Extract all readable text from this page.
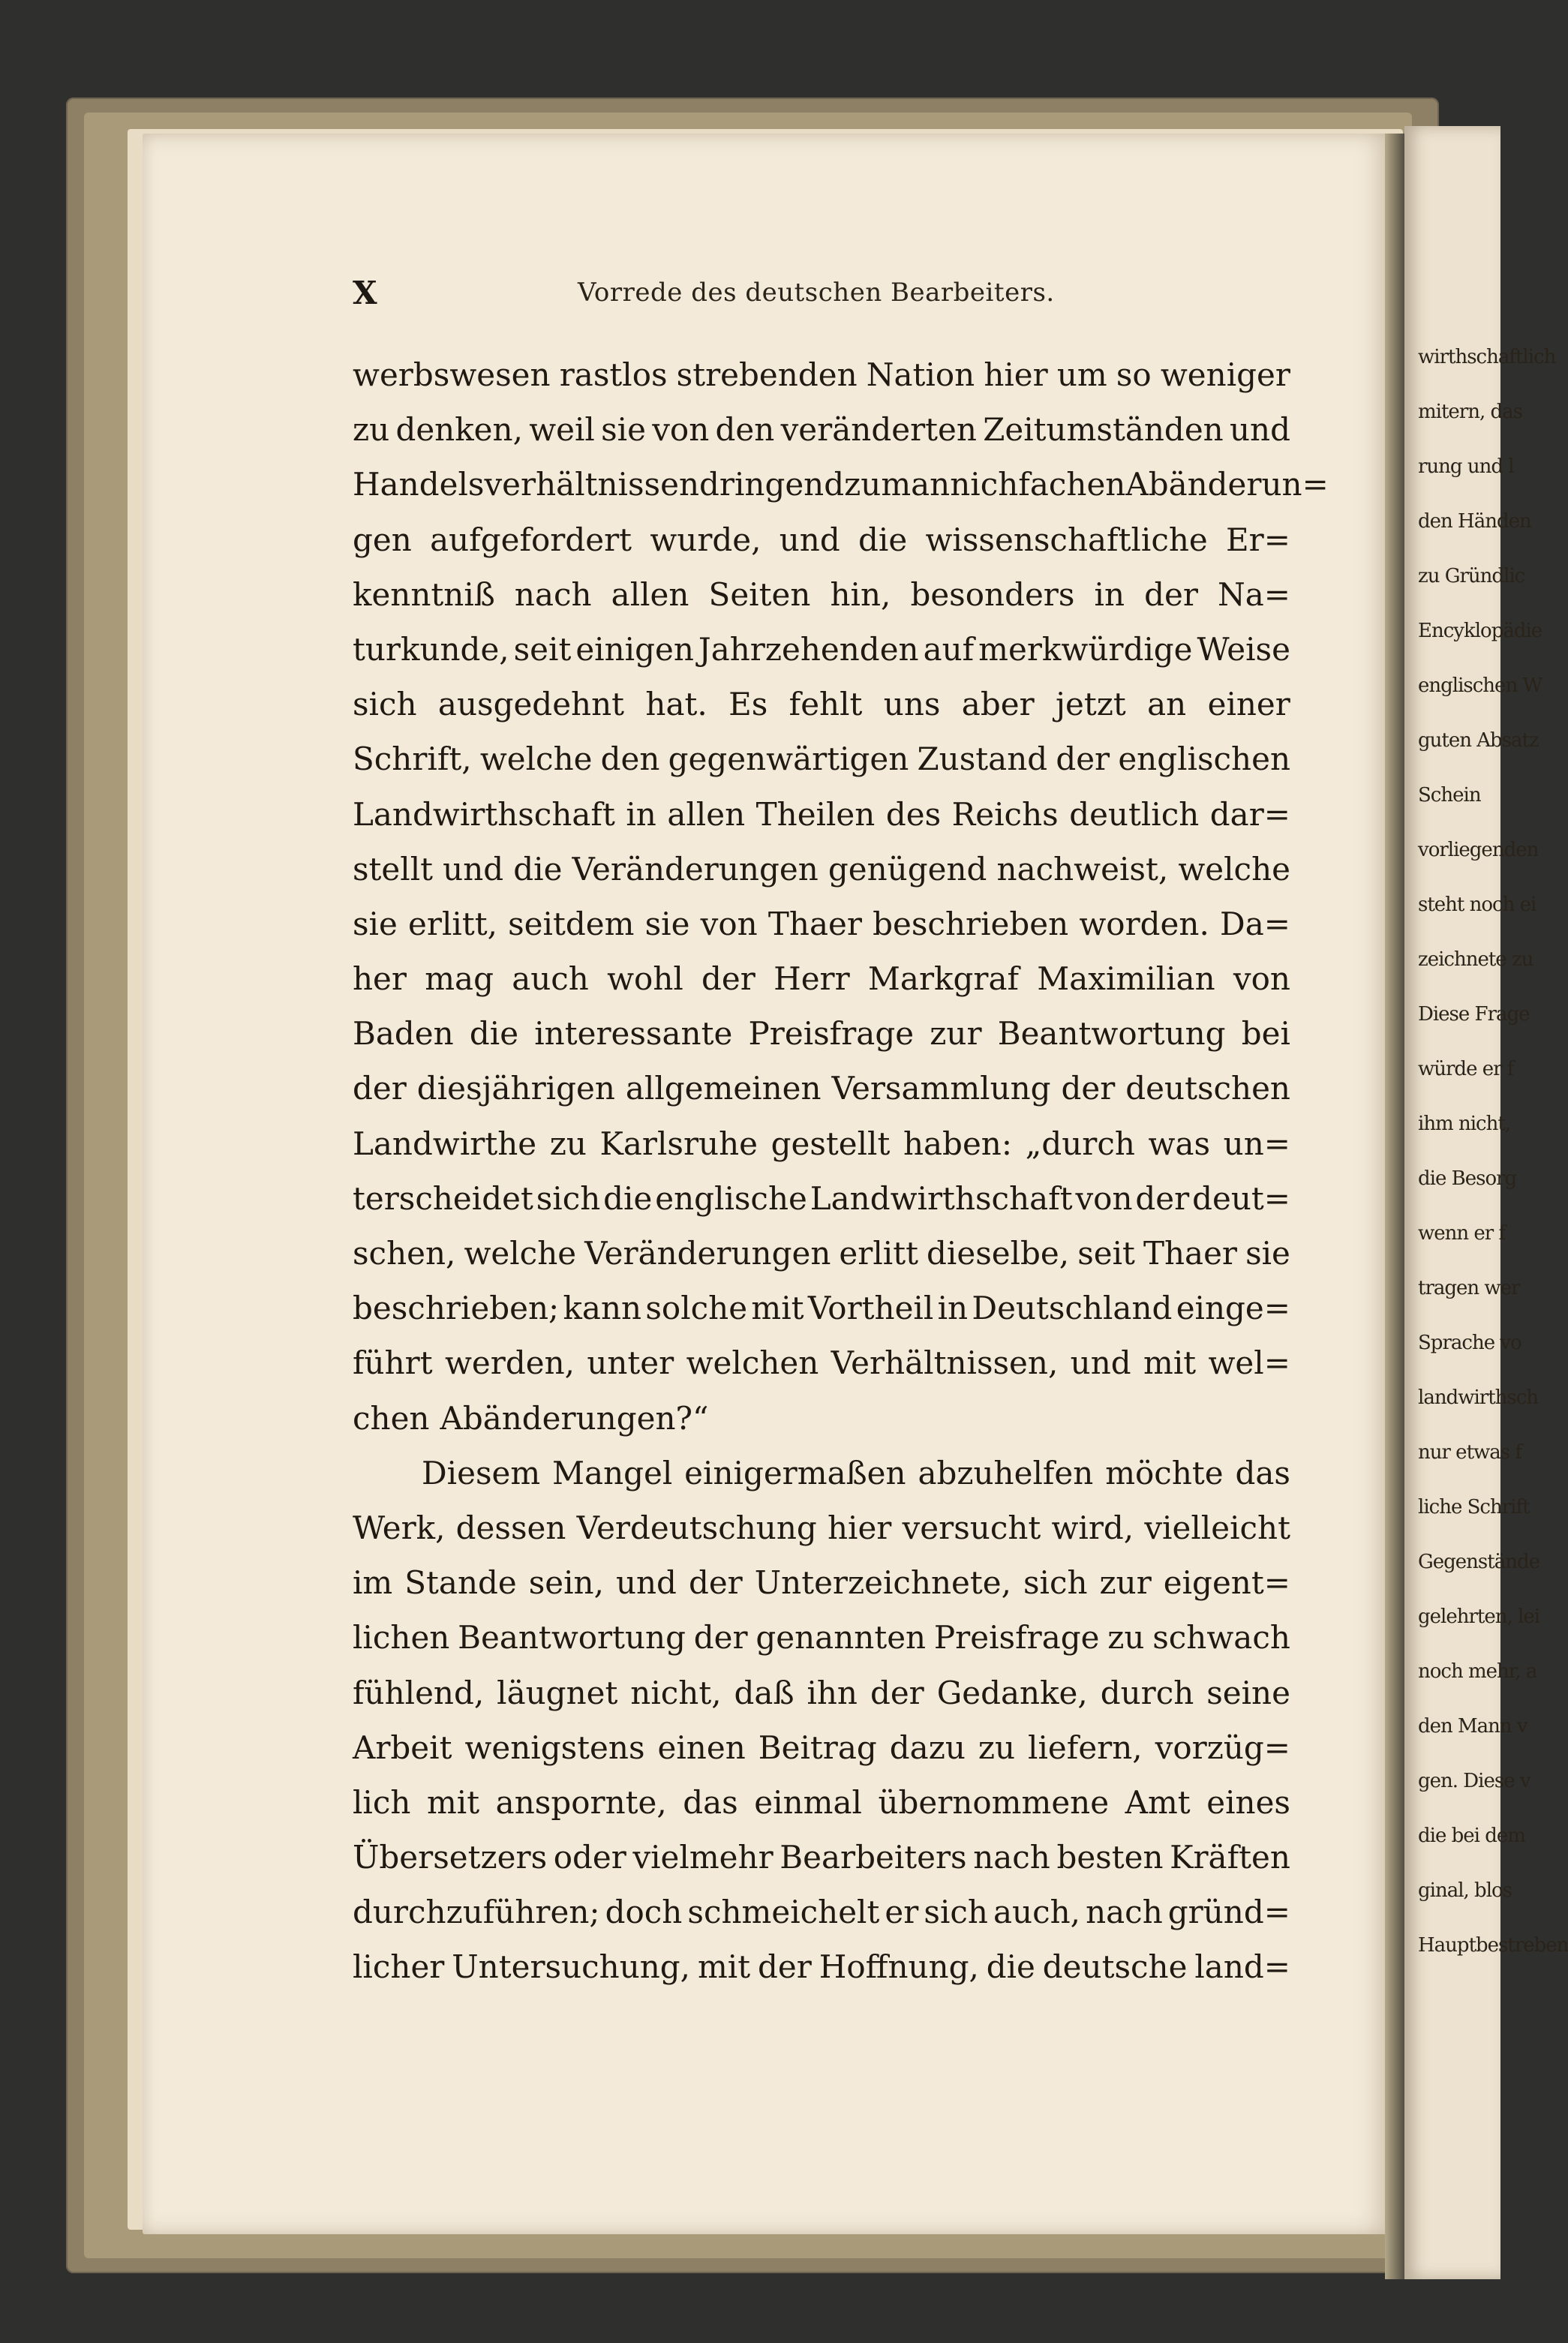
X	Vorrede des deutschen Bearbeiters.
werbswesen rastlos strebenden Nation hier um so weniger
zu denken, weil sie von den veränderten Zeitumständen und
Handelsverhältnissen dringend zu mannichfachen Abänderun=
gen aufgefordert wurde, und die wissenschaftliche Er=
kenntniß nach allen Seiten hin, besonders in der Na=
turkunde, seit einigen Jahrzehenden auf merkwürdige Weise
sich ausgedehnt hat. Es fehlt uns aber jetzt an einer
Schrift, welche den gegenwärtigen Zustand der englischen
Landwirthschaft in allen Theilen des Reichs deutlich dar=
stellt und die Veränderungen genügend nachweist, welche
sie erlitt, seitdem sie von Thaer beschrieben worden. Da=
her mag auch wohl der Herr Markgraf Maximilian von
Baden die interessante Preisfrage zur Beantwortung bei
der diesjährigen allgemeinen Versammlung der deutschen
Landwirthe zu Karlsruhe gestellt haben: „durch was un=
terscheidet sich die englische Landwirthschaft von der deut=
schen, welche Veränderungen erlitt dieselbe, seit Thaer sie
beschrieben; kann solche mit Vortheil in Deutschland einge=
führt werden, unter welchen Verhältnissen, und mit wel=
chen Abänderungen?“
Diesem Mangel einigermaßen abzuhelfen möchte das
Werk, dessen Verdeutschung hier versucht wird, vielleicht
im Stande sein, und der Unterzeichnete, sich zur eigent=
lichen Beantwortung der genannten Preisfrage zu schwach
fühlend, läugnet nicht, daß ihn der Gedanke, durch seine
Arbeit wenigstens einen Beitrag dazu zu liefern, vorzüg=
lich mit anspornte, das einmal übernommene Amt eines
Übersetzers oder vielmehr Bearbeiters nach besten Kräften
durchzuführen; doch schmeichelt er sich auch, nach gründ=
licher Untersuchung, mit der Hoffnung, die deutsche land=
wirthschaftlich
mitern, das
rung und l
den Händen
zu Gründlic
Encyklopädie
englischen W
guten Absatz
Schein
vorliegenden
steht noch ei
zeichnete zu
Diese Frage
würde er f
ihm nicht,
die Besorg
wenn er f
tragen wer
Sprache vo
landwirthsch
nur etwas f
liche Schrift
Gegenstände
gelehrten, lei
noch mehr, a
den Mann v
gen. Diese v
die bei dem
ginal, blos
Hauptbestreben
